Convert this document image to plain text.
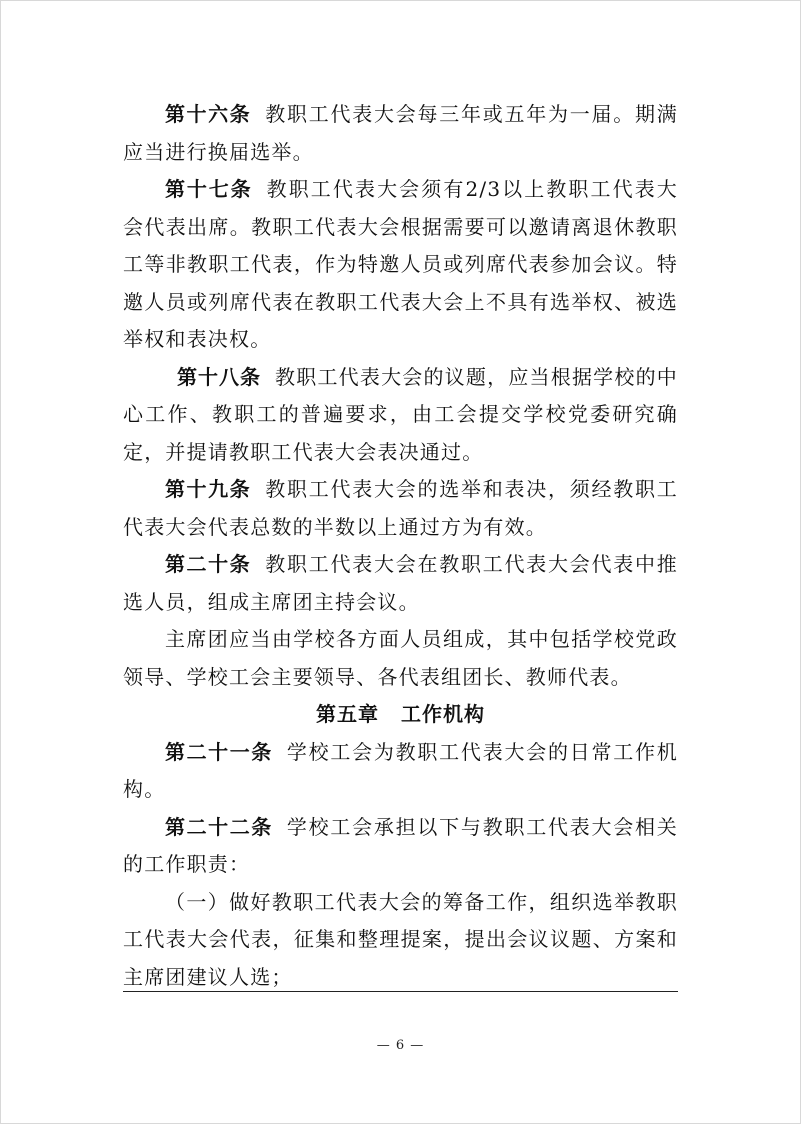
第十六条 教职工代表大会每三年或五年为一届。期满应当进行换届选举。

第十七条 教职工代表大会须有2/3以上教职工代表大会代表出席。教职工代表大会根据需要可以邀请离退休教职工等非教职工代表，作为特邀人员或列席代表参加会议。特邀人员或列席代表在教职工代表大会上不具有选举权、被选举权和表决权。

第十八条 教职工代表大会的议题，应当根据学校的中心工作、教职工的普遍要求，由工会提交学校党委研究确定，并提请教职工代表大会表决通过。

第十九条 教职工代表大会的选举和表决，须经教职工代表大会代表总数的半数以上通过方为有效。

第二十条 教职工代表大会在教职工代表大会代表中推选人员，组成主席团主持会议。

主席团应当由学校各方面人员组成，其中包括学校党政领导、学校工会主要领导、各代表组团长、教师代表。

第五章 工作机构

第二十一条 学校工会为教职工代表大会的日常工作机构。

第二十二条 学校工会承担以下与教职工代表大会相关的工作职责：

（一）做好教职工代表大会的筹备工作，组织选举教职工代表大会代表，征集和整理提案，提出会议议题、方案和主席团建议人选；

— 6 —
